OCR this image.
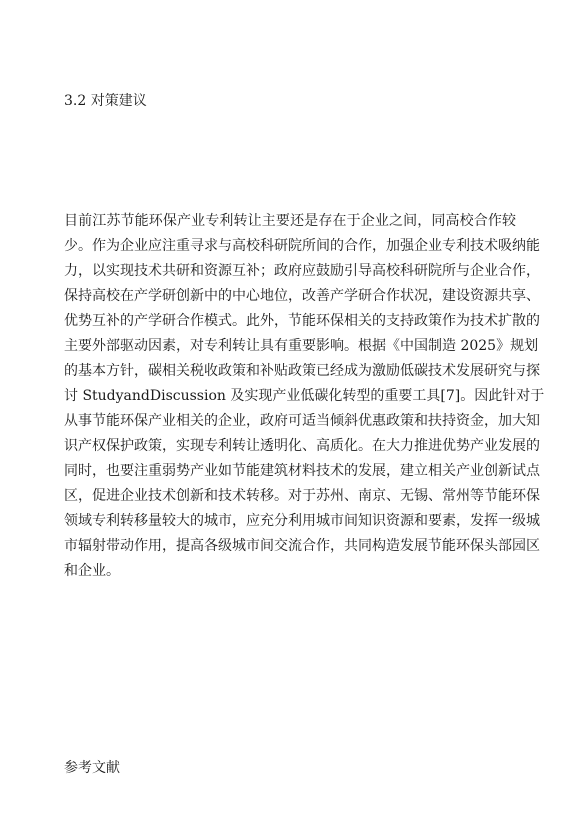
3.2 对策建议
目前江苏节能环保产业专利转让主要还是存在于企业之间，同高校合作较
少。作为企业应注重寻求与高校科研院所间的合作，加强企业专利技术吸纳能
力，以实现技术共研和资源互补；政府应鼓励引导高校科研院所与企业合作，
保持高校在产学研创新中的中心地位，改善产学研合作状况，建设资源共享、
优势互补的产学研合作模式。此外，节能环保相关的支持政策作为技术扩散的
主要外部驱动因素，对专利转让具有重要影响。根据《中国制造 2025》规划
的基本方针，碳相关税收政策和补贴政策已经成为激励低碳技术发展研究与探
讨 StudyandDiscussion 及实现产业低碳化转型的重要工具[7]。因此针对于
从事节能环保产业相关的企业，政府可适当倾斜优惠政策和扶持资金，加大知
识产权保护政策，实现专利转让透明化、高质化。在大力推进优势产业发展的
同时，也要注重弱势产业如节能建筑材料技术的发展，建立相关产业创新试点
区，促进企业技术创新和技术转移。对于苏州、南京、无锡、常州等节能环保
领域专利转移量较大的城市，应充分利用城市间知识资源和要素，发挥一级城
市辐射带动作用，提高各级城市间交流合作，共同构造发展节能环保头部园区
和企业。
参考文献
